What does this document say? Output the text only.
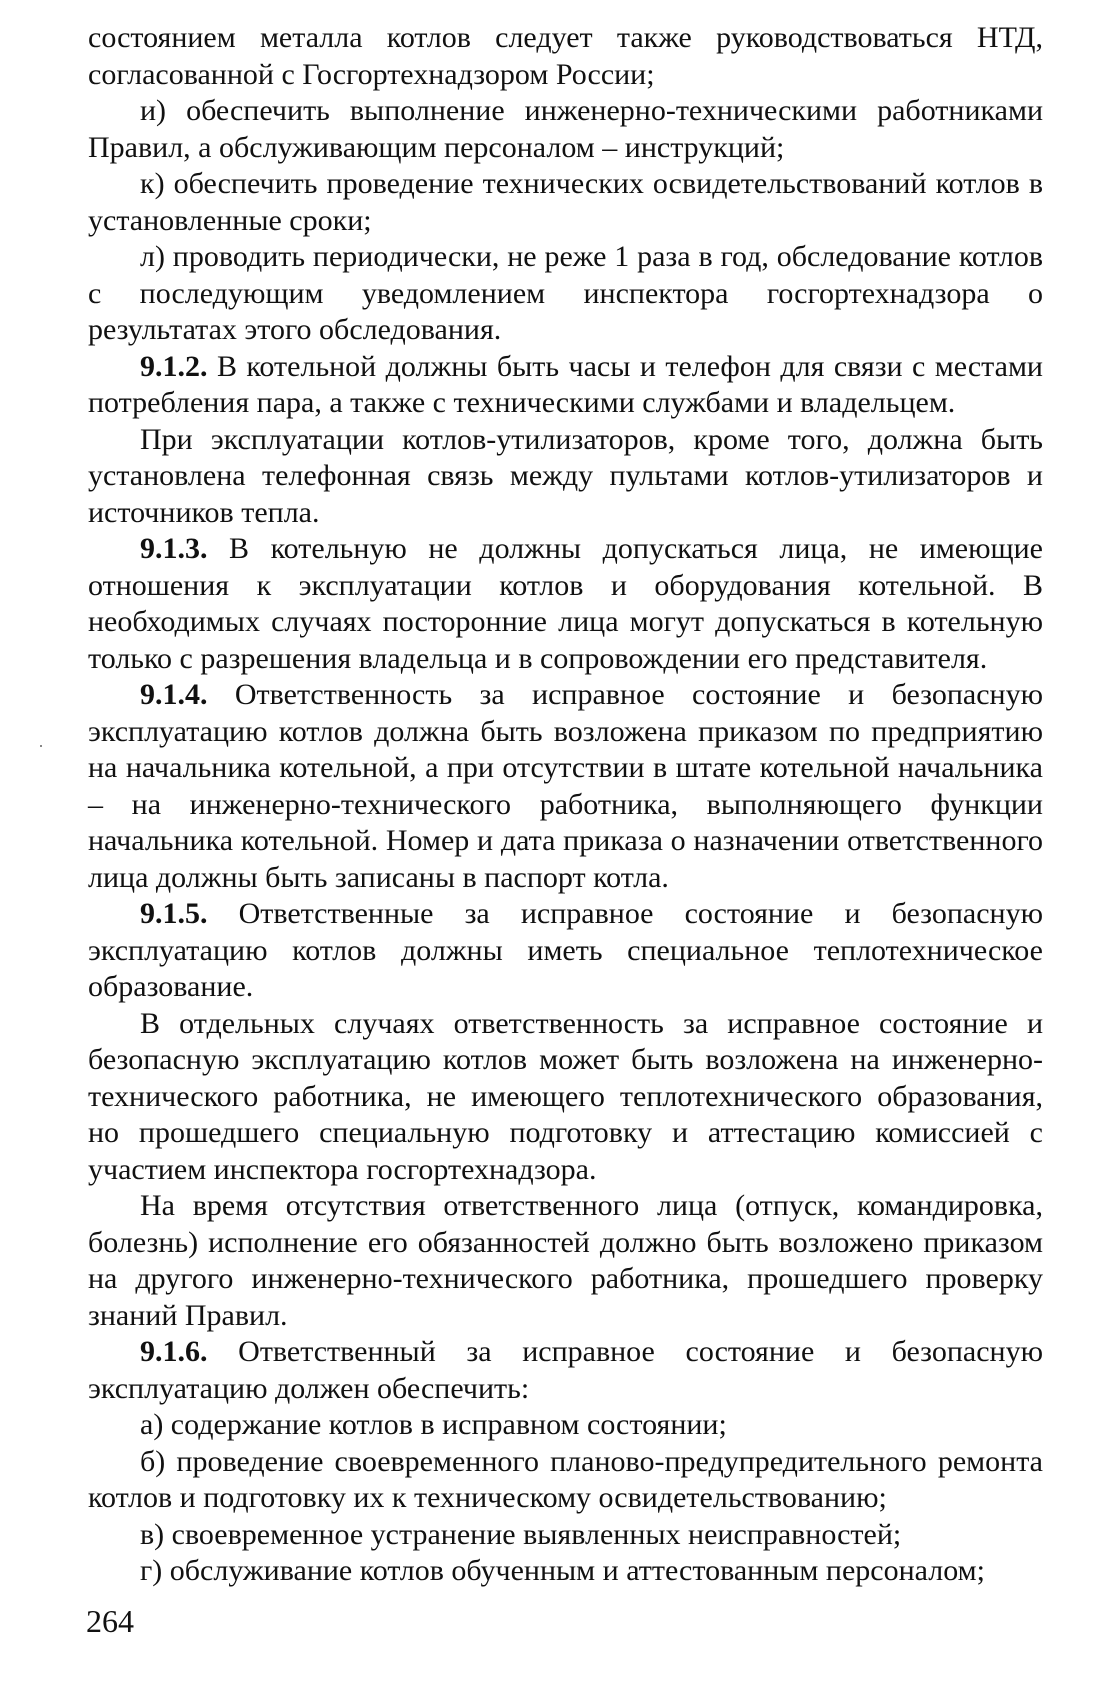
состоянием металла котлов следует также руководствоваться НТД, согласованной с Госгортехнадзором России;

и) обеспечить выполнение инженерно-техническими работниками Правил, а обслуживающим персоналом – инструкций;

к) обеспечить проведение технических освидетельствований котлов в установленные сроки;

л) проводить периодически, не реже 1 раза в год, обследование котлов с последующим уведомлением инспектора госгортехнадзора о результатах этого обследования.

9.1.2. В котельной должны быть часы и телефон для связи с местами потребления пара, а также с техническими службами и владельцем.

При эксплуатации котлов-утилизаторов, кроме того, должна быть установлена телефонная связь между пультами котлов-утилизаторов и источников тепла.

9.1.3. В котельную не должны допускаться лица, не имеющие отношения к эксплуатации котлов и оборудования котельной. В необходимых случаях посторонние лица могут допускаться в котельную только с разрешения владельца и в сопровождении его представителя.

9.1.4. Ответственность за исправное состояние и безопасную эксплуатацию котлов должна быть возложена приказом по предприятию на начальника котельной, а при отсутствии в штате котельной начальника – на инженерно-технического работника, выполняющего функции начальника котельной. Номер и дата приказа о назначении ответственного лица должны быть записаны в паспорт котла.

9.1.5. Ответственные за исправное состояние и безопасную эксплуатацию котлов должны иметь специальное теплотехническое образование.

В отдельных случаях ответственность за исправное состояние и безопасную эксплуатацию котлов может быть возложена на инженерно-технического работника, не имеющего теплотехнического образования, но прошедшего специальную подготовку и аттестацию комиссией с участием инспектора госгортехнадзора.

На время отсутствия ответственного лица (отпуск, командировка, болезнь) исполнение его обязанностей должно быть возложено приказом на другого инженерно-технического работника, прошедшего проверку знаний Правил.

9.1.6. Ответственный за исправное состояние и безопасную эксплуатацию должен обеспечить:

а) содержание котлов в исправном состоянии;

б) проведение своевременного планово-предупредительного ремонта котлов и подготовку их к техническому освидетельствованию;

в) своевременное устранение выявленных неисправностей;

г) обслуживание котлов обученным и аттестованным персоналом;

264
